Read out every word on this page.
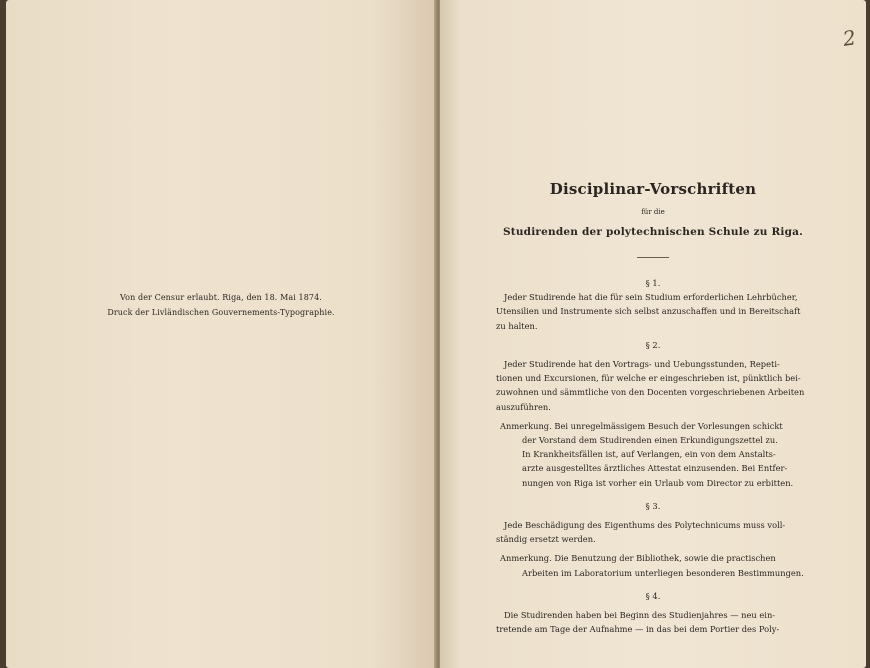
Von der Censur erlaubt. Riga, den 18. Mai 1874.
Druck der Livländischen Gouvernements-Typographie.
2
Disciplinar-Vorschriften
für die
Studirenden der polytechnischen Schule zu Riga.

§ 1.

Jeder Studirende hat die für sein Studium erforderlichen Lehrbücher,
Utensilien und Instrumente sich selbst anzuschaffen und in Bereitschaft
zu halten.

§ 2.

Jeder Studirende hat den Vortrags- und Uebungsstunden, Repeti-
tionen und Excursionen, für welche er eingeschrieben ist, pünktlich bei-
zuwohnen und sämmtliche von den Docenten vorgeschriebenen Arbeiten
auszuführen.
Anmerkung. Bei unregelmässigem Besuch der Vorlesungen schickt
der Vorstand dem Studirenden einen Erkundigungszettel zu.
In Krankheitsfällen ist, auf Verlangen, ein von dem Anstalts-
arzte ausgestelltes ärztliches Attestat einzusenden. Bei Entfer-
nungen von Riga ist vorher ein Urlaub vom Director zu erbitten.

§ 3.

Jede Beschädigung des Eigenthums des Polytechnicums muss voll-
ständig ersetzt werden.
Anmerkung. Die Benutzung der Bibliothek, sowie die practischen
Arbeiten im Laboratorium unterliegen besonderen Bestimmungen.

§ 4.

Die Studirenden haben bei Beginn des Studienjahres — neu ein-
tretende am Tage der Aufnahme — in das bei dem Portier des Poly-
